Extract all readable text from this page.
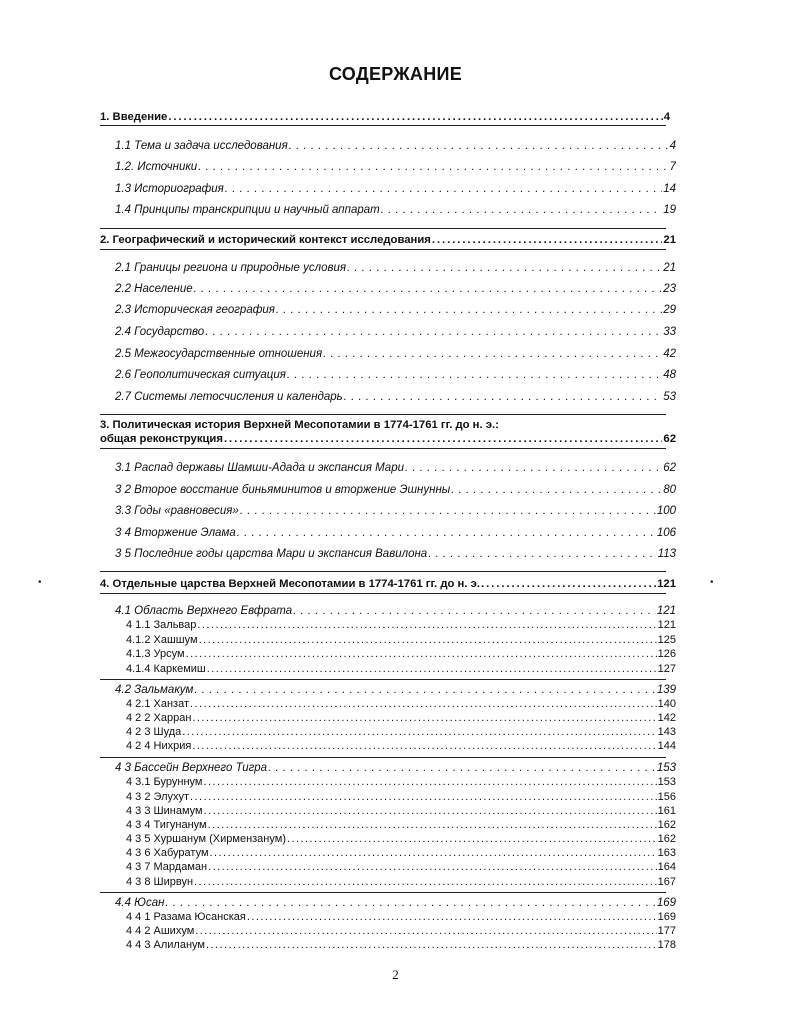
СОДЕРЖАНИЕ
1. Введение . . .	4
1.1 Тема и задача исследования . . .	4
1.2. Источники . . .	7
1.3 Историография . . .	14
1.4 Принципы транскрипции и научный аппарат . . .	19
2. Географический и исторический контекст исследования . . .	21
2.1 Границы региона и природные условия . . .	21
2.2 Население . . .	23
2.3 Историческая география . . .	29
2.4 Государство . . .	33
2.5 Межгосударственные отношения . . .	42
2.6 Геополитическая ситуация . . .	48
2.7 Системы летосчисления и календарь . . .	53
3. Политическая история Верхней Месопотамии в 1774-1761 гг. до н. э.:
общая реконструкция . . .	62
3.1 Распад державы Шамши-Адада и экспансия Мари . . .	62
3 2 Второе восстание биньяминитов и вторжение Эшнунны . . .	80
3.3 Годы «равновесия» . . .	100
3 4 Вторжение Элама . . .	106
3 5 Последние годы царства Мари и экспансия Вавилона . . .	113
4. Отдельные царства Верхней Месопотамии в 1774-1761 гг. до н. э. . . .	121
4.1 Область Верхнего Евфрата . . .	121
4 1.1 Зальвар . . .	121
4.1.2 Хашшум . . .	125
4.1.3 Урсум . . .	126
4.1.4 Каркемиш . . .	127
4.2 Зальмакум . . .	139
4 2.1 Ханзат . . .	140
4 2 2 Харран . . .	142
4 2 3 Шуда . . .	143
4 2 4 Нихрия . . .	144
4 3 Бассейн Верхнего Тигра . . .	153
4 3.1 Буруннум . . .	153
4 3 2 Элухут . . .	156
4 3 3 Шинамум . . .	161
4 3 4 Тигунанум . . .	162
4 3 5 Хуршанум (Хирмензанум) . . .	162
4 3 6 Хабуратум . . .	163
4 3 7 Мардаман . . .	164
4 3 8 Ширвун . . .	167
4.4 Юсан . . .	169
4 4 1 Разама Юсанская . . .	169
4 4 2 Ашихум . . .	177
4 4 3 Алиланум . . .	178
•	•
2
